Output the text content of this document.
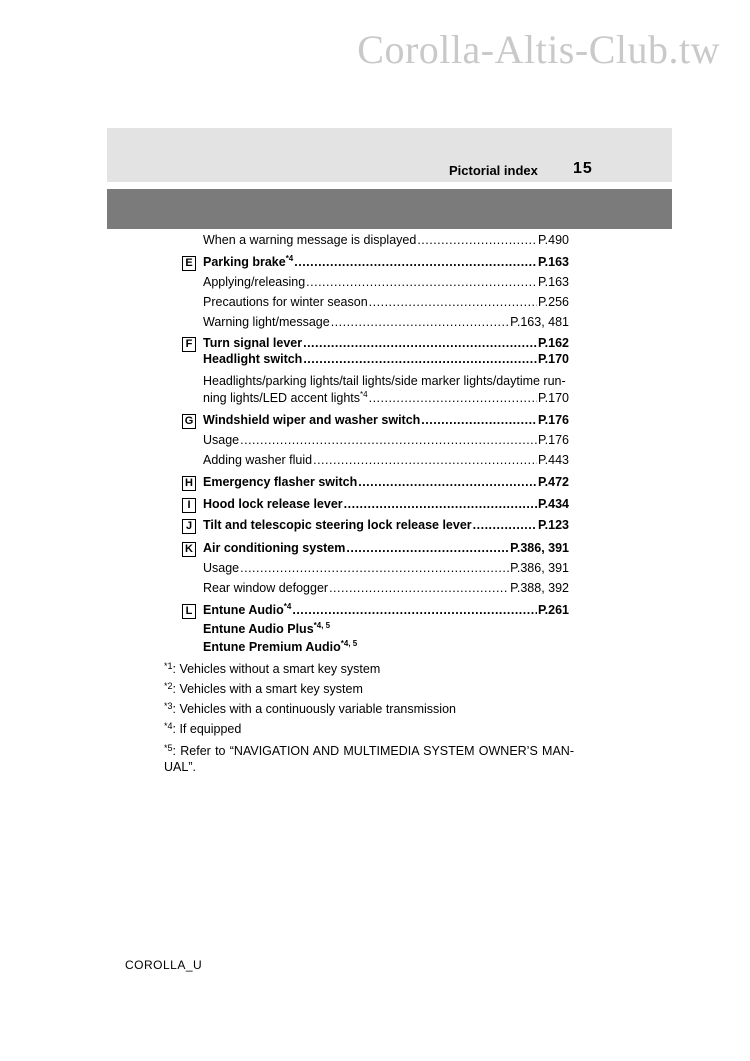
Corolla-Altis-Club.tw
Pictorial index 15
When a warning message is displayed .....	P.490
E Parking brake$^{*4}$ .....	P.163
Applying/releasing .....	P.163
Precautions for winter season .....	P.256
Warning light/message .....	P.163, 481
F Turn signal lever .....	P.162
Headlight switch .....	P.170
Headlights/parking lights/tail lights/side marker lights/daytime run-
ning lights/LED accent lights$^{*4}$ .....	P.170
G Windshield wiper and washer switch .....	P.176
Usage .....	P.176
Adding washer fluid .....	P.443
H Emergency flasher switch .....	P.472
I Hood lock release lever .....	P.434
J Tilt and telescopic steering lock release lever .....	P.123
K Air conditioning system .....	P.386, 391
Usage .....	P.386, 391
Rear window defogger .....	P.388, 392
L Entune Audio$^{*4}$ .....	P.261
Entune Audio Plus$^{*4, 5}$
Entune Premium Audio$^{*4, 5}$
$^{*1}$: Vehicles without a smart key system
$^{*2}$: Vehicles with a smart key system
$^{*3}$: Vehicles with a continuously variable transmission
$^{*4}$: If equipped
$^{*5}$: Refer to “NAVIGATION AND MULTIMEDIA SYSTEM OWNER’S MAN-UAL”.
COROLLA_U
